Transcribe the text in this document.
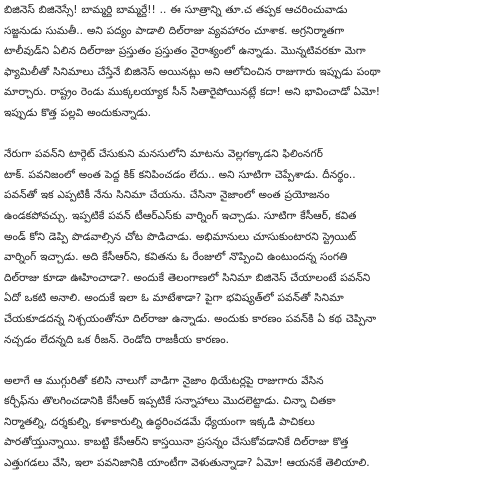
బిజినెస్ బిజినెస్సే! బామ్మర్ది బామ్మర్దే!! .. ఈ సూత్రాన్ని తూ.చ తప్పక ఆచరించువాడు
సజ్జనుడు సుమతీ.. అని పద్యం పాడాలి దిల్‌రాజు వ్యవహారం చూశాక. అగ్రనిర్మాతగా
టాలీవుడ్‌ని ఏలిన దిల్‌రాజు ప్రస్తుతం ప్రస్తుతం నైరాశ్యంలో ఉన్నాడు. మొన్నటివరకూ మెగా
ఫ్యామిలీతో సినిమాలు చేస్తేనే బిజినెస్ అయినట్లు అని ఆలోచించిన రాజుగారు ఇప్పుడు పంథా
మార్చారు. రాష్ట్రం రెండు ముక్కలయ్యాక సీన్ సితారైపోయినట్లే కదా! అని భావించాడో ఏమో!
ఇప్పుడు కొత్త పల్లవి అందుకున్నాడు.

నేరుగా పవన్‌ని టార్గెట్ చేసుకుని మనసులోని మాటను వెల్లగక్కాడని ఫిలింనగర్
టాక్. పవనిజంలో అంత పెద్ద కిక్ కనిపించడం లేదు.. అని సూటిగా చెప్పేశాడు. దీనర్థం..
పవన్‌తో ఇక ఎప్పటికీ నేను సినిమా చేయను. చేసినా నైజాంలో అంత ప్రయోజనం
ఉండకపోవచ్చు. ఇప్పటికే పవన్ టీఆర్ఎస్‌కు వార్నింగ్ ఇచ్చాడు. సూటిగా కేసీఆర్, కవిత
అండ్ కోని డెప్పి పొడవాల్సిన చోట పొడిచాడు. అభిమానులు చూసుకుంటారని స్ట్రెయిట్
వార్నింగ్ ఇచ్చాడు. అది కేసీఆర్‌ని, కవితను ఓ రేంజులో నొప్పించి ఉంటుందన్న సంగతి
దిల్‌రాజు కూడా ఊహించాడా?. అందుకే తెలంగాణలో సినిమా బిజినెస్ చేయాలంటే పవన్‌ని
ఏదో ఒకటి అనాలి. అందుకే ఇలా ఓ మాటేశాడా? పైగా భవిష్యత్‌లో పవన్‌తో సినిమా
చేయకూడదన్న నిశ్చయంతోనూ దిల్‌రాజు ఉన్నాడు. అందుకు కారణం పవన్‌కి ఏ కథ చెప్పినా
నచ్చడం లేదన్నది ఒక రీజన్. రెండోది రాజకీయ కారణం.

అలాగే ఆ ముగ్గురితో కలిసి నాలుగో వాడిగా నైజాం థియేటర్లపై రాజుగారు వేసిన
కర్చీఫ్‌ను తొలగించడానికి కేసీఆర్ ఇప్పటికే సన్నాహాలు మొదలెట్టాడు. చిన్నా చితకా
నిర్మాతల్ని, దర్శకుల్ని, కళాకారుల్ని ఉద్ధరించడమే ధ్యేయంగా ఇక్కడి పాచికలు
పారతోయ్తున్నాయి. కాబట్టి కేసీఆర్‌ని కాస్తయినా ప్రసన్నం చేసుకోవడానికే దిల్‌రాజు కొత్త
ఎత్తుగడలు వేసి, ఇలా పవనిజానికి యాంటీగా వెళుతున్నాడా? ఏమో! ఆయనకే తెలియాలి.
